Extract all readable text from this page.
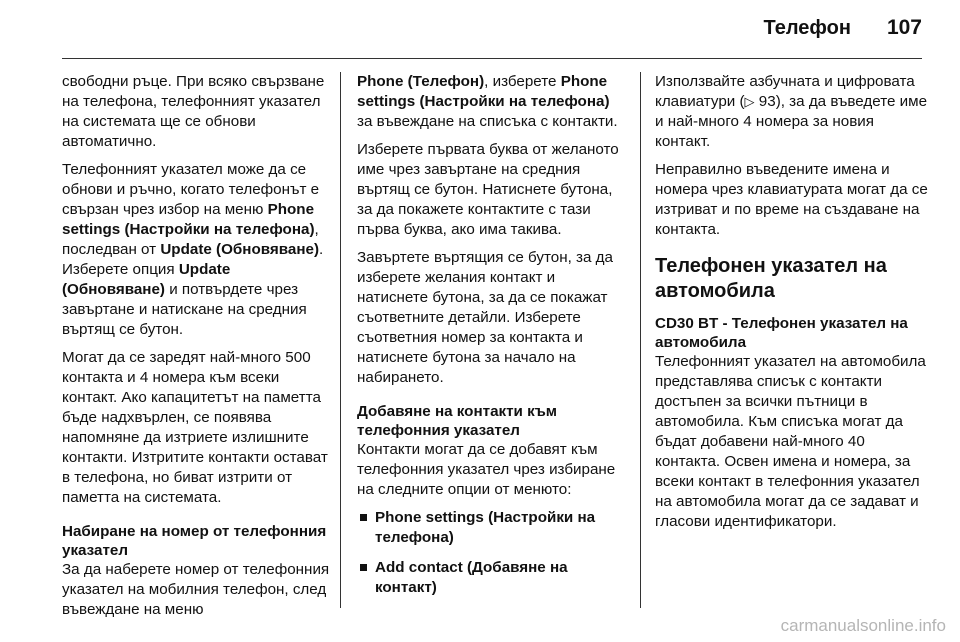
Телефон 107

свободни ръце. При всяко свързване на телефона, телефонният указател на системата ще се обнови автоматично.

Телефонният указател може да се обнови и ръчно, когато телефонът е свързан чрез избор на меню Phone settings (Настройки на телефона), последван от Update (Обновяване). Изберете опция Update (Обновяване) и потвърдете чрез завъртане и натискане на средния въртящ се бутон.

Могат да се заредят най-много 500 контакта и 4 номера към всеки контакт. Ако капацитетът на паметта бъде надхвърлен, се появява напомняне да изтриете излишните контакти. Изтритите контакти остават в телефона, но биват изтрити от паметта на системата.

Набиране на номер от телефонния указател

За да наберете номер от телефонния указател на мобилния телефон, след въвеждане на меню

Phone (Телефон), изберете Phone settings (Настройки на телефона) за въвеждане на списъка с контакти.

Изберете първата буква от желаното име чрез завъртане на средния въртящ се бутон. Натиснете бутона, за да покажете контактите с тази първа буква, ако има такива.

Завъртете въртящия се бутон, за да изберете желания контакт и натиснете бутона, за да се покажат съответните детайли. Изберете съответния номер за контакта и натиснете бутона за начало на набирането.

Добавяне на контакти към телефонния указател

Контакти могат да се добавят към телефонния указател чрез избиране на следните опции от менюто:

Phone settings (Настройки на телефона)
Add contact (Добавяне на контакт)

Използвайте азбучната и цифровата клавиатури (▷ 93), за да въведете име и най-много 4 номера за новия контакт.

Неправилно въведените имена и номера чрез клавиатурата могат да се изтриват и по време на създаване на контакта.

Телефонен указател на автомобила
CD30 BT - Телефонен указател на автомобила

Телефонният указател на автомобила представлява списък с контакти достъпен за всички пътници в автомобила. Към списъка могат да бъдат добавени най-много 40 контакта. Освен имена и номера, за всеки контакт в телефонния указател на автомобила могат да се задават и гласови идентификатори.

carmanualsonline.info
